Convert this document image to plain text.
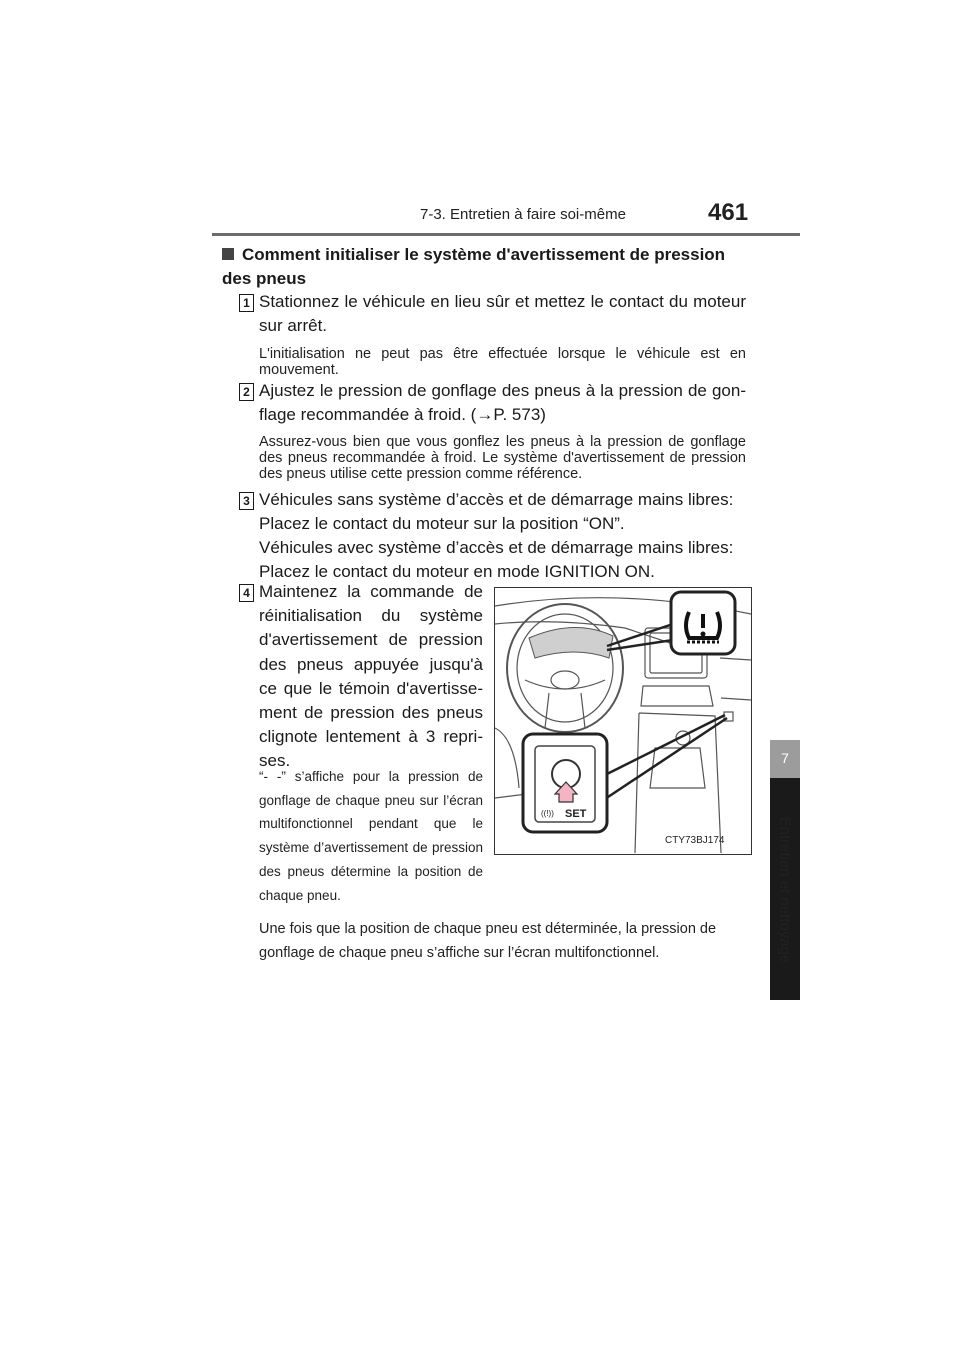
7-3. Entretien à faire soi-même	461
7
Entretien et nettoyage
Comment initialiser le système d'avertissement de pression des pneus
1 Stationnez le véhicule en lieu sûr et mettez le contact du moteur sur arrêt.
L'initialisation ne peut pas être effectuée lorsque le véhicule est en mouvement.
2 Ajustez le pression de gonflage des pneus à la pression de gonflage recommandée à froid. (→P. 573)
Assurez-vous bien que vous gonflez les pneus à la pression de gonflage des pneus recommandée à froid. Le système d'avertissement de pression des pneus utilise cette pression comme référence.
3 Véhicules sans système d’accès et de démarrage mains libres:
Placez le contact du moteur sur la position “ON”.
Véhicules avec système d’accès et de démarrage mains libres:
Placez le contact du moteur en mode IGNITION ON.
4 Maintenez la commande de réinitialisation du système d'avertissement de pression des pneus appuyée jusqu'à ce que le témoin d'avertissement de pression des pneus clignote lentement à 3 reprises.
“- -” s’affiche pour la pression de gonflage de chaque pneu sur l’écran multifonctionnel pendant que le système d’avertissement de pression des pneus détermine la position de chaque pneu.
Une fois que la position de chaque pneu est déterminée, la pression de gonflage de chaque pneu s’affiche sur l’écran multifonctionnel.
((!)) SET
CTY73BJ174
